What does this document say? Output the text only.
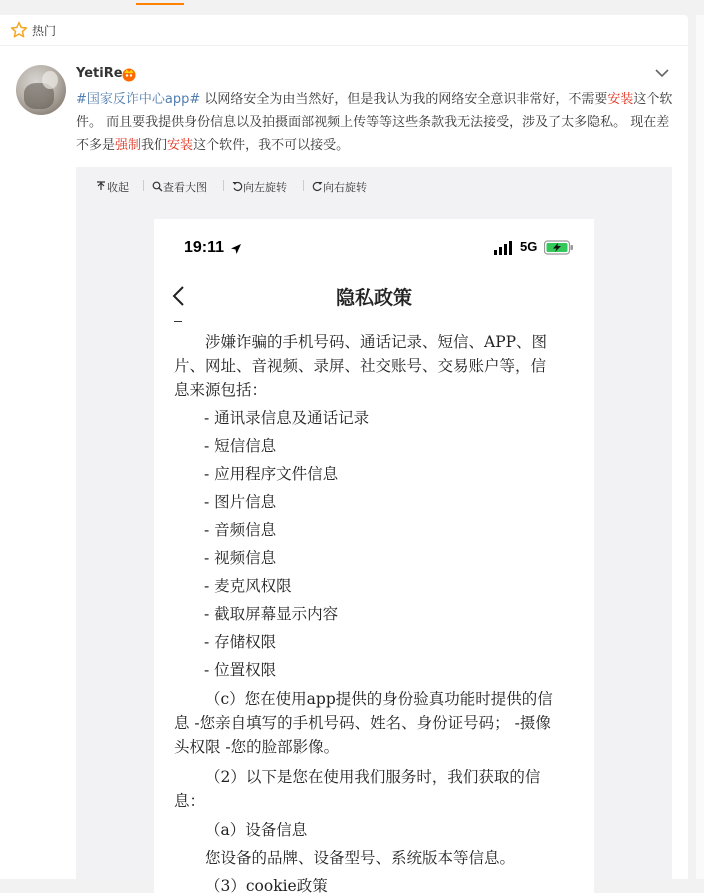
热门
YetiRe
#国家反诈中心app# 以网络安全为由当然好，但是我认为我的网络安全意识非常好，不需要安装这个软件。 而且要我提供身份信息以及拍摄面部视频上传等等这些条款我无法接受，涉及了太多隐私。 现在差不多是强制我们安装这个软件，我不可以接受。
收起	查看大图	向左旋转	向右旋转
19:11	5G
隐私政策
涉嫌诈骗的手机号码、通话记录、短信、APP、图
片、网址、音视频、录屏、社交账号、交易账户等，信
息来源包括：
- 通讯录信息及通话记录
- 短信信息
- 应用程序文件信息
- 图片信息
- 音频信息
- 视频信息
- 麦克风权限
- 截取屏幕显示内容
- 存储权限
- 位置权限
（c）您在使用app提供的身份验真功能时提供的信
息 -您亲自填写的手机号码、姓名、身份证号码； -摄像
头权限 -您的脸部影像。
（2）以下是您在使用我们服务时，我们获取的信
息：
（a）设备信息
您设备的品牌、设备型号、系统版本等信息。
（3）cookie政策
